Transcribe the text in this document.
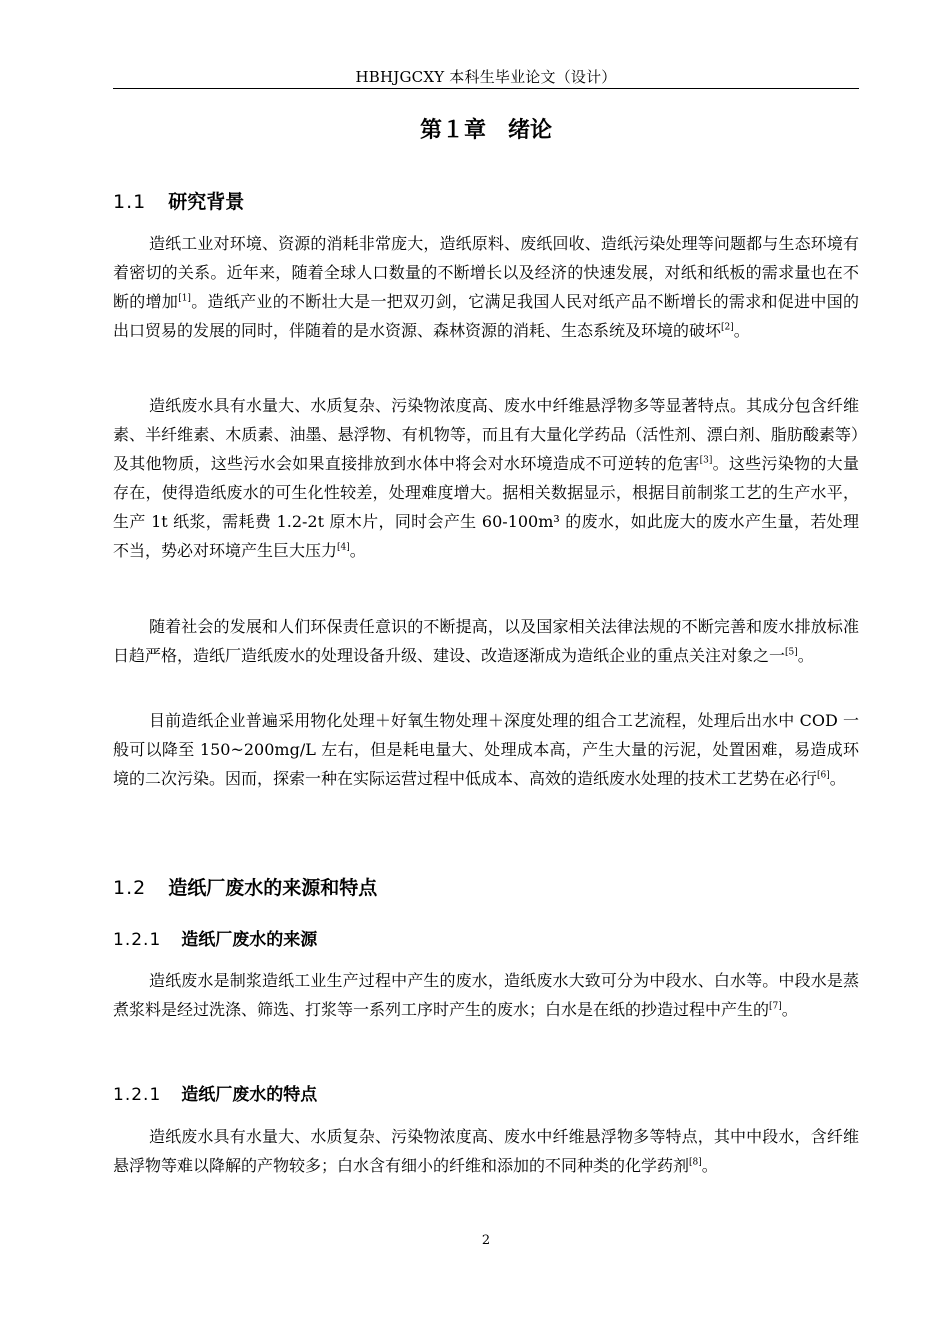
HBHJGCXY 本科生毕业论文（设计）
第１章　绪论
1.1 研究背景

造纸工业对环境、资源的消耗非常庞大，造纸原料、废纸回收、造纸污染处理等问题都与生态环境有着密切的关系。近年来，随着全球人口数量的不断增长以及经济的快速发展，对纸和纸板的需求量也在不断的增加[1]。造纸产业的不断壮大是一把双刃剑，它满足我国人民对纸产品不断增长的需求和促进中国的出口贸易的发展的同时，伴随着的是水资源、森林资源的消耗、生态系统及环境的破坏[2]。

造纸废水具有水量大、水质复杂、污染物浓度高、废水中纤维悬浮物多等显著特点。其成分包含纤维素、半纤维素、木质素、油墨、悬浮物、有机物等，而且有大量化学药品（活性剂、漂白剂、脂肪酸素等）及其他物质，这些污水会如果直接排放到水体中将会对水环境造成不可逆转的危害[3]。这些污染物的大量存在，使得造纸废水的可生化性较差，处理难度增大。据相关数据显示，根据目前制浆工艺的生产水平，生产 1t 纸浆，需耗费 1.2-2t 原木片，同时会产生 60-100m³ 的废水，如此庞大的废水产生量，若处理不当，势必对环境产生巨大压力[4]。

随着社会的发展和人们环保责任意识的不断提高，以及国家相关法律法规的不断完善和废水排放标准日趋严格，造纸厂造纸废水的处理设备升级、建设、改造逐渐成为造纸企业的重点关注对象之一[5]。

目前造纸企业普遍采用物化处理＋好氧生物处理＋深度处理的组合工艺流程，处理后出水中 COD 一般可以降至 150~200mg/L 左右，但是耗电量大、处理成本高，产生大量的污泥，处置困难，易造成环境的二次污染。因而，探索一种在实际运营过程中低成本、高效的造纸废水处理的技术工艺势在必行[6]。

1.2 造纸厂废水的来源和特点
1.2.1 造纸厂废水的来源

造纸废水是制浆造纸工业生产过程中产生的废水，造纸废水大致可分为中段水、白水等。中段水是蒸煮浆料是经过洗涤、筛选、打浆等一系列工序时产生的废水；白水是在纸的抄造过程中产生的[7]。

1.2.1 造纸厂废水的特点

造纸废水具有水量大、水质复杂、污染物浓度高、废水中纤维悬浮物多等特点，其中中段水，含纤维悬浮物等难以降解的产物较多；白水含有细小的纤维和添加的不同种类的化学药剂[8]。

2
